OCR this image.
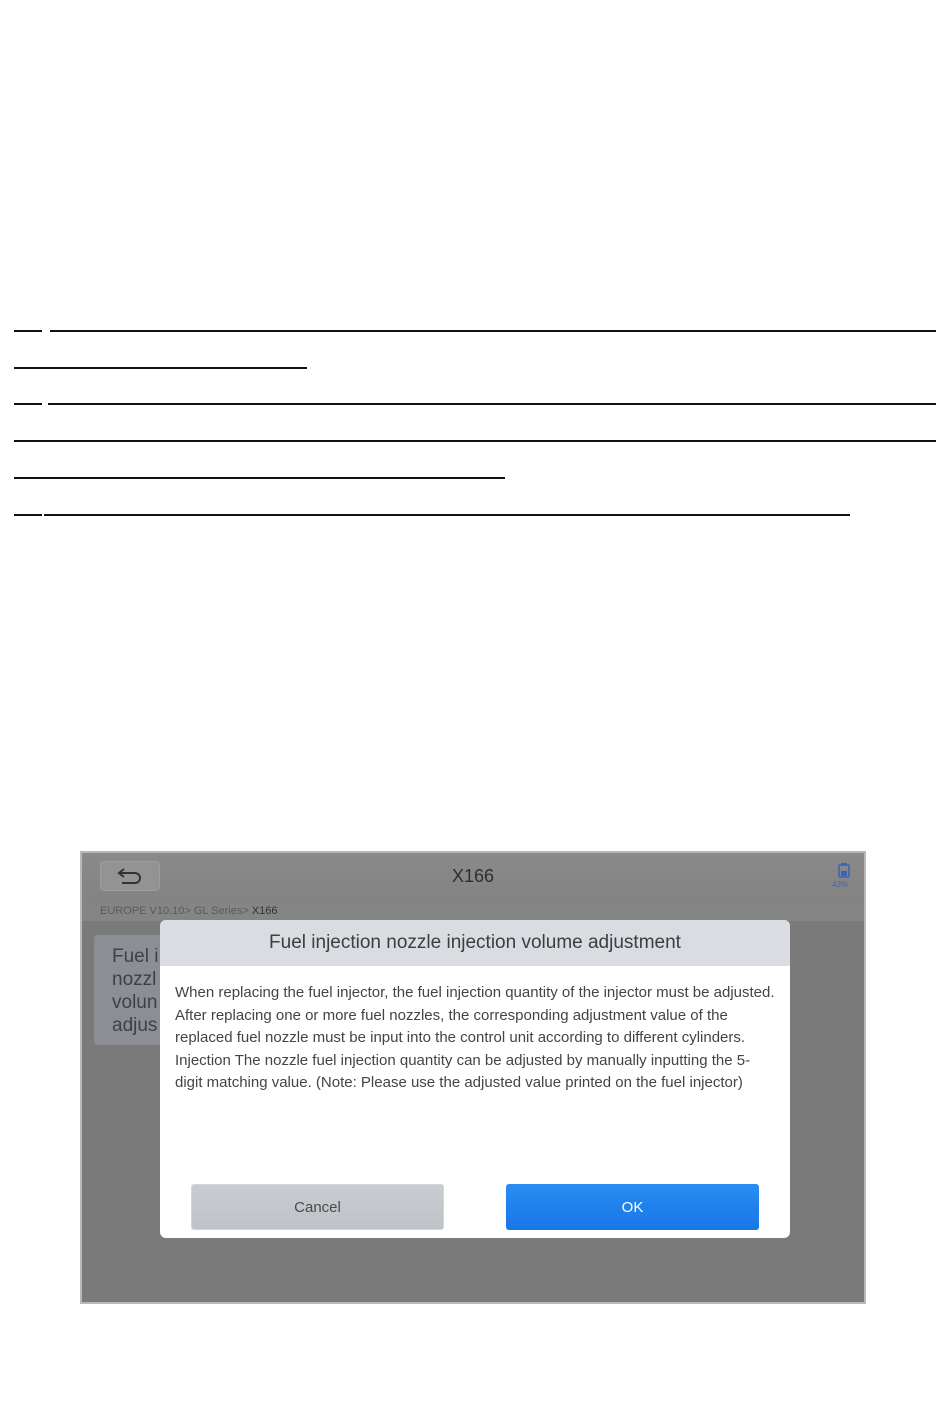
X166	43%
EUROPE V10.10> GL Series> X166
Fuel i
nozzl
volun
adjus
Fuel injection nozzle injection volume adjustment

When replacing the fuel injector, the fuel injection quantity of the injector must be adjusted.

After replacing one or more fuel nozzles, the corresponding adjustment value of the replaced fuel nozzle must be input into the control unit according to different cylinders.

Injection The nozzle fuel injection quantity can be adjusted by manually inputting the 5-digit matching value. (Note: Please use the adjusted value printed on the fuel injector)

Cancel	OK
